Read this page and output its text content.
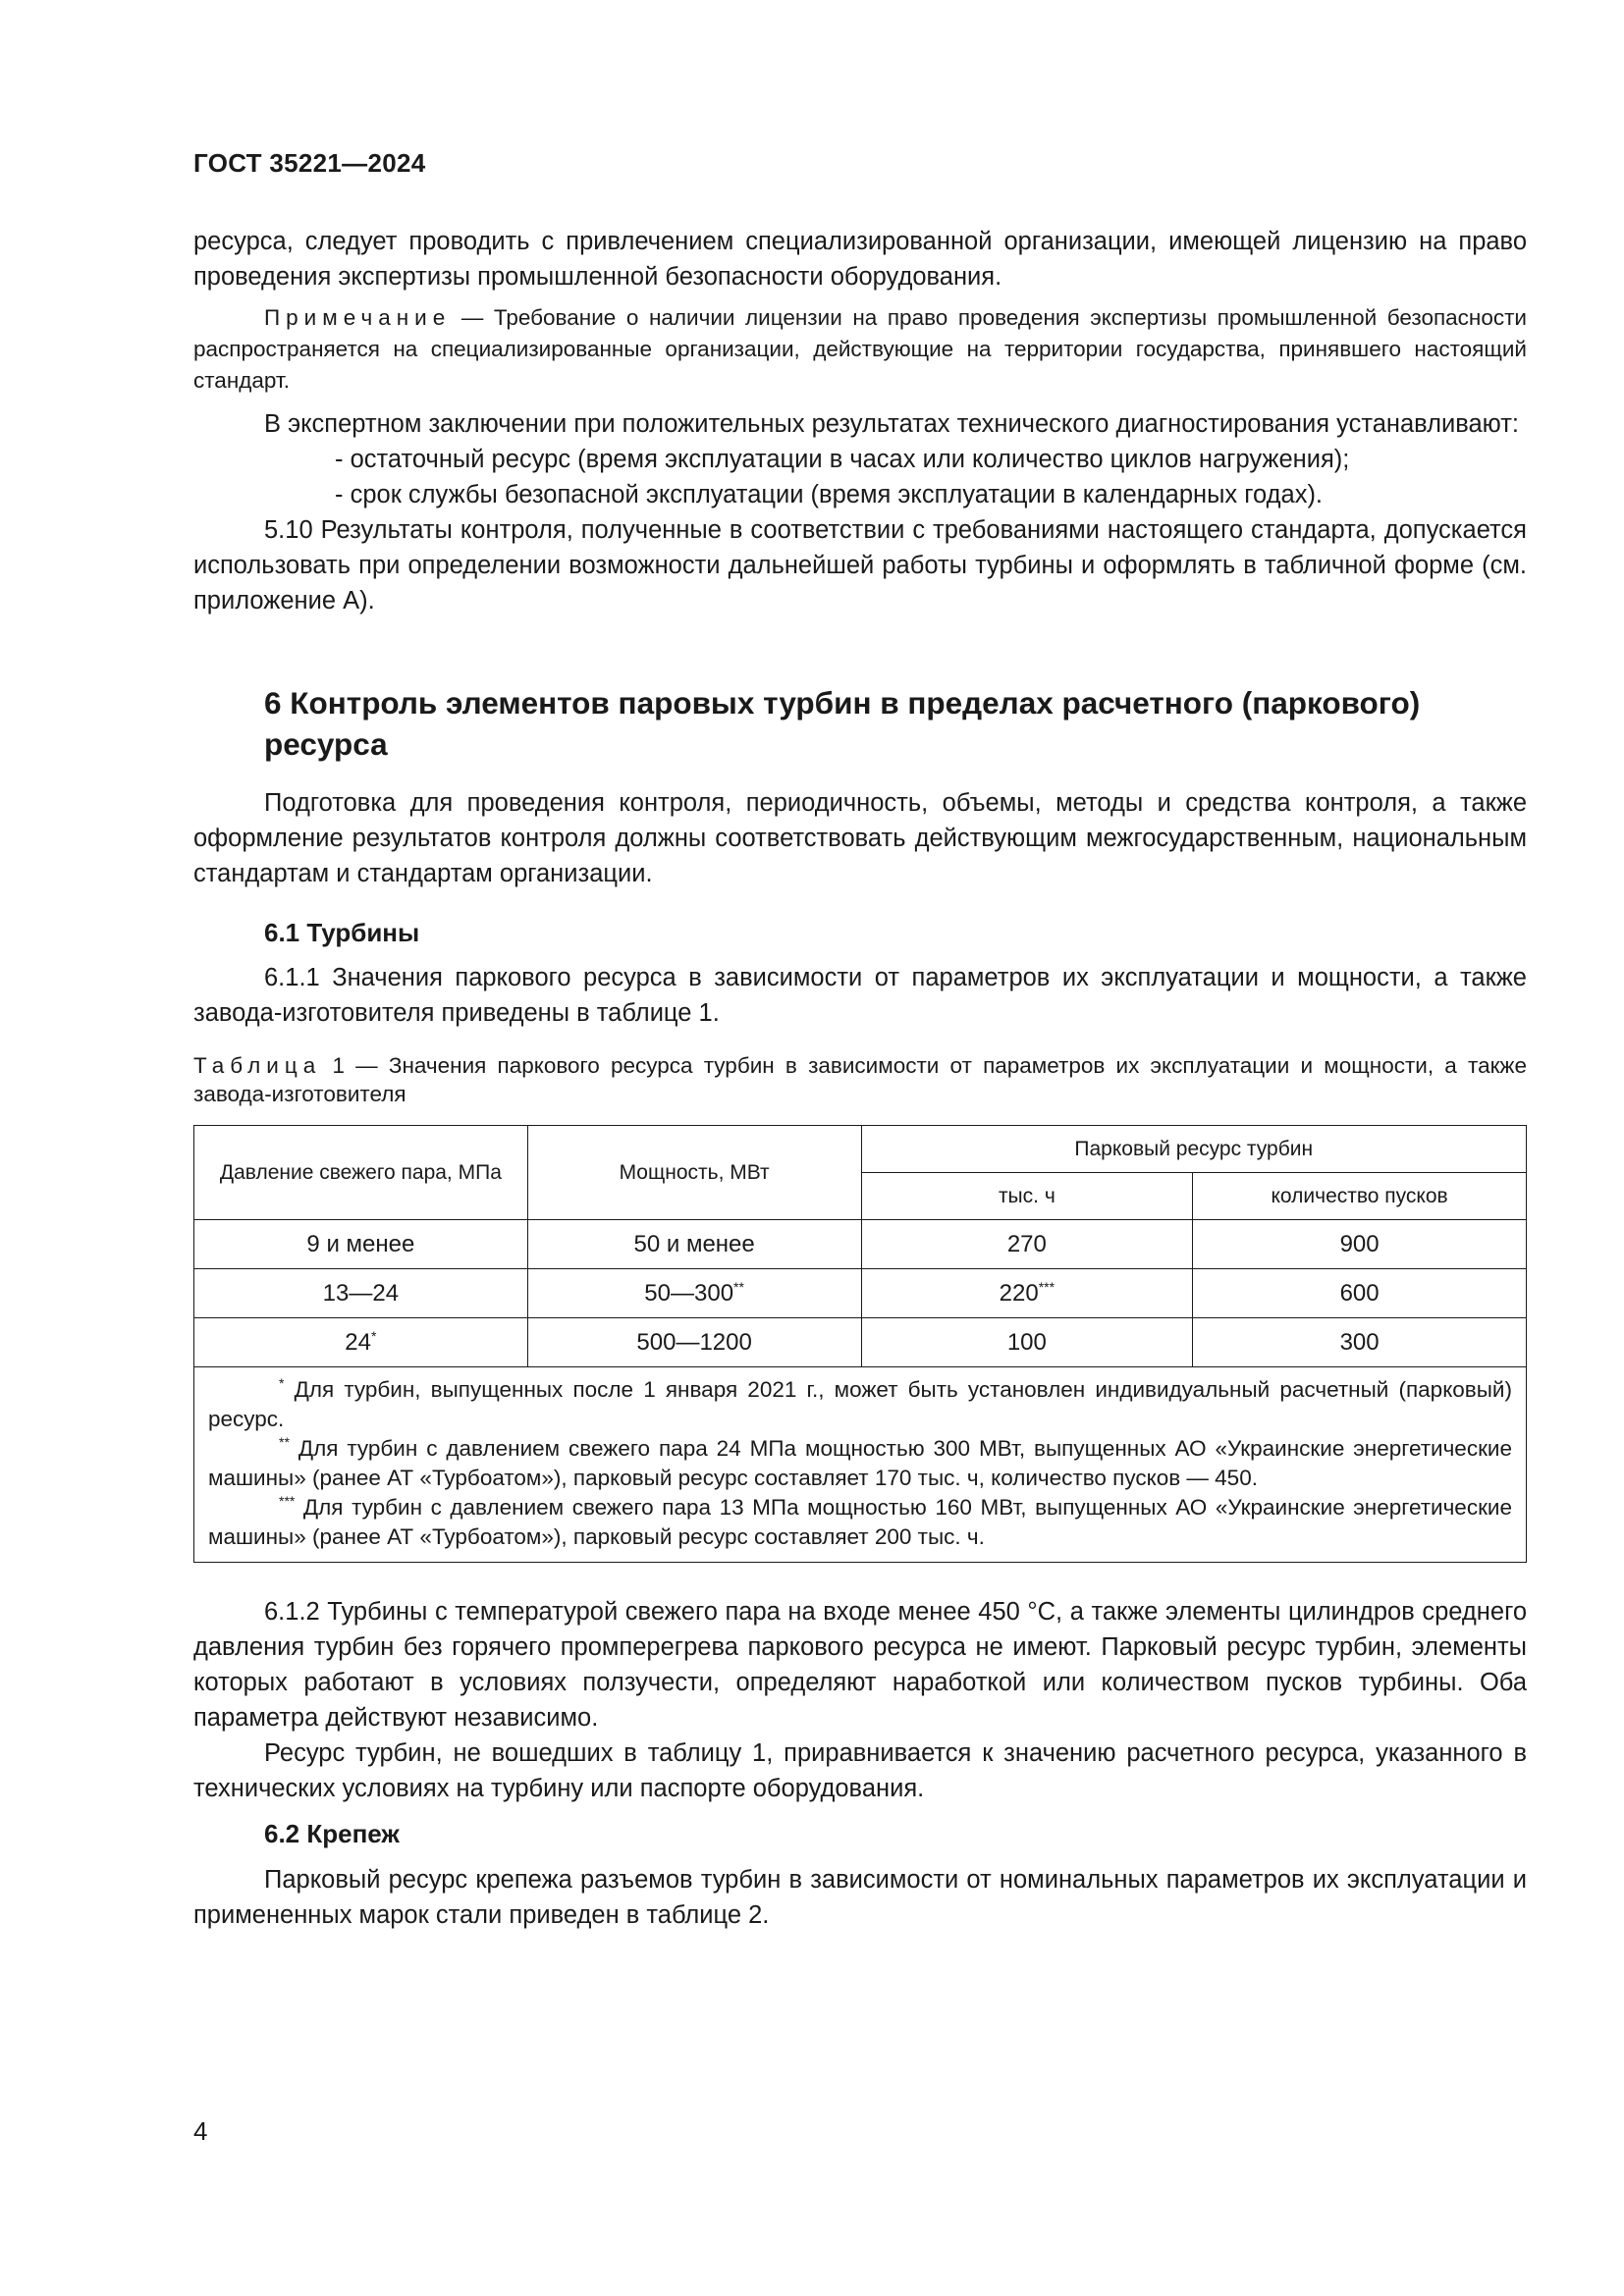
ГОСТ 35221—2024

ресурса, следует проводить с привлечением специализированной организации, имеющей лицензию на право проведения экспертизы промышленной безопасности оборудования.

Примечание — Требование о наличии лицензии на право проведения экспертизы промышленной безопасности распространяется на специализированные организации, действующие на территории государства, принявшего настоящий стандарт.

В экспертном заключении при положительных результатах технического диагностирования устанавливают:

- остаточный ресурс (время эксплуатации в часах или количество циклов нагружения);

- срок службы безопасной эксплуатации (время эксплуатации в календарных годах).

5.10 Результаты контроля, полученные в соответствии с требованиями настоящего стандарта, допускается использовать при определении возможности дальнейшей работы турбины и оформлять в табличной форме (см. приложение А).

6 Контроль элементов паровых турбин в пределах расчетного (паркового) ресурса

Подготовка для проведения контроля, периодичность, объемы, методы и средства контроля, а также оформление результатов контроля должны соответствовать действующим межгосударственным, национальным стандартам и стандартам организации.

6.1 Турбины

6.1.1 Значения паркового ресурса в зависимости от параметров их эксплуатации и мощности, а также завода-изготовителя приведены в таблице 1.

Таблица 1 — Значения паркового ресурса турбин в зависимости от параметров их эксплуатации и мощности, а также завода-изготовителя
Давление свежего пара, МПа	Мощность, МВт	Парковый ресурс турбин	
		тыс. ч	количество пусков
9 и менее	50 и менее	270	900
13—24	50—300**	220***	600
24*	500—1200	100	300

* Для турбин, выпущенных после 1 января 2021 г., может быть установлен индивидуальный расчетный (парковый) ресурс.

** Для турбин с давлением свежего пара 24 МПа мощностью 300 МВт, выпущенных АО «Украинские энергетические машины» (ранее АТ «Турбоатом»), парковый ресурс составляет 170 тыс. ч, количество пусков — 450.

*** Для турбин с давлением свежего пара 13 МПа мощностью 160 МВт, выпущенных АО «Украинские энергетические машины» (ранее АТ «Турбоатом»), парковый ресурс составляет 200 тыс. ч.			

6.1.2 Турбины с температурой свежего пара на входе менее 450 °С, а также элементы цилиндров среднего давления турбин без горячего промперегрева паркового ресурса не имеют. Парковый ресурс турбин, элементы которых работают в условиях ползучести, определяют наработкой или количеством пусков турбины. Оба параметра действуют независимо.

Ресурс турбин, не вошедших в таблицу 1, приравнивается к значению расчетного ресурса, указанного в технических условиях на турбину или паспорте оборудования.

6.2 Крепеж

Парковый ресурс крепежа разъемов турбин в зависимости от номинальных параметров их эксплуатации и примененных марок стали приведен в таблице 2.

4
